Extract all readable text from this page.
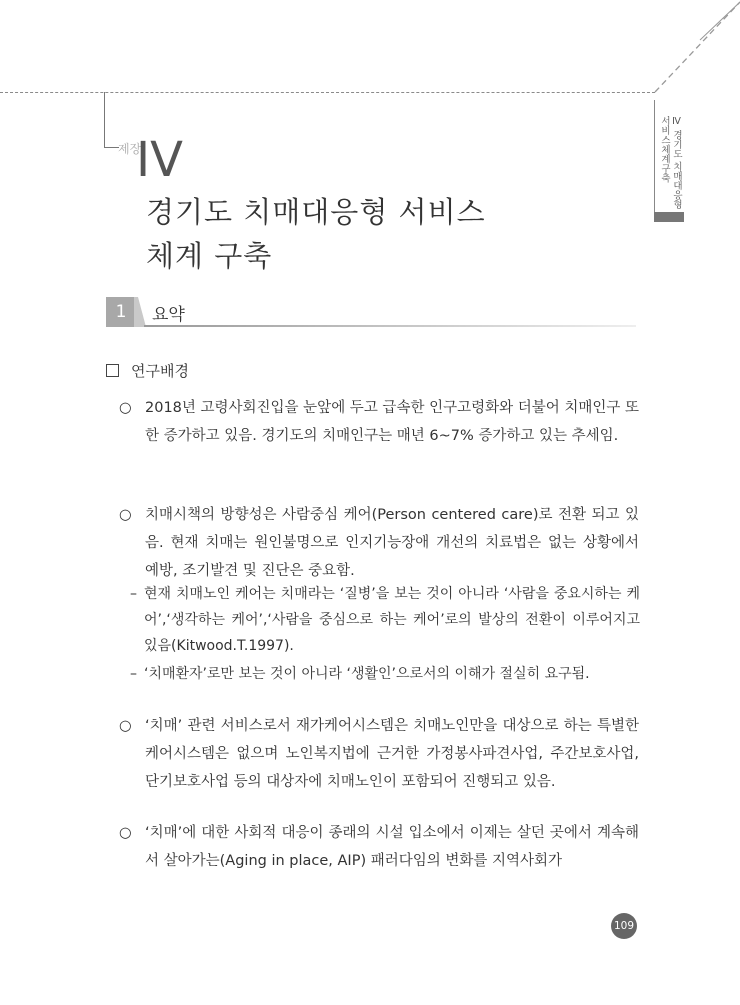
제장
IV
경기도 치매대응형 서비스
체계 구축
Ⅳ 경기도 치매대응형
서비스체계구축
1	요약
연구배경
○ 2018년 고령사회진입을 눈앞에 두고 급속한 인구고령화와 더불어 치매인구 또한 증가하고 있음. 경기도의 치매인구는 매년 6~7% 증가하고 있는 추세임.
○ 치매시책의 방향성은 사람중심 케어(Person centered care)로 전환 되고 있음. 현재 치매는 원인불명으로 인지기능장애 개선의 치료법은 없는 상황에서 예방, 조기발견 및 진단은 중요함.
– 현재 치매노인 케어는 치매라는 ‘질병’을 보는 것이 아니라 ‘사람을 중요시하는 케어’,‘생각하는 케어’,‘사람을 중심으로 하는 케어’로의 발상의 전환이 이루어지고 있음(Kitwood.T.1997).
– ‘치매환자’로만 보는 것이 아니라 ‘생활인’으로서의 이해가 절실히 요구됨.
○ ‘치매’ 관련 서비스로서 재가케어시스템은 치매노인만을 대상으로 하는 특별한 케어시스템은 없으며 노인복지법에 근거한 가정봉사파견사업, 주간보호사업, 단기보호사업 등의 대상자에 치매노인이 포함되어 진행되고 있음.
○ ‘치매’에 대한 사회적 대응이 종래의 시설 입소에서 이제는 살던 곳에서 계속해서 살아가는(Aging in place, AIP) 패러다임의 변화를 지역사회가
109
